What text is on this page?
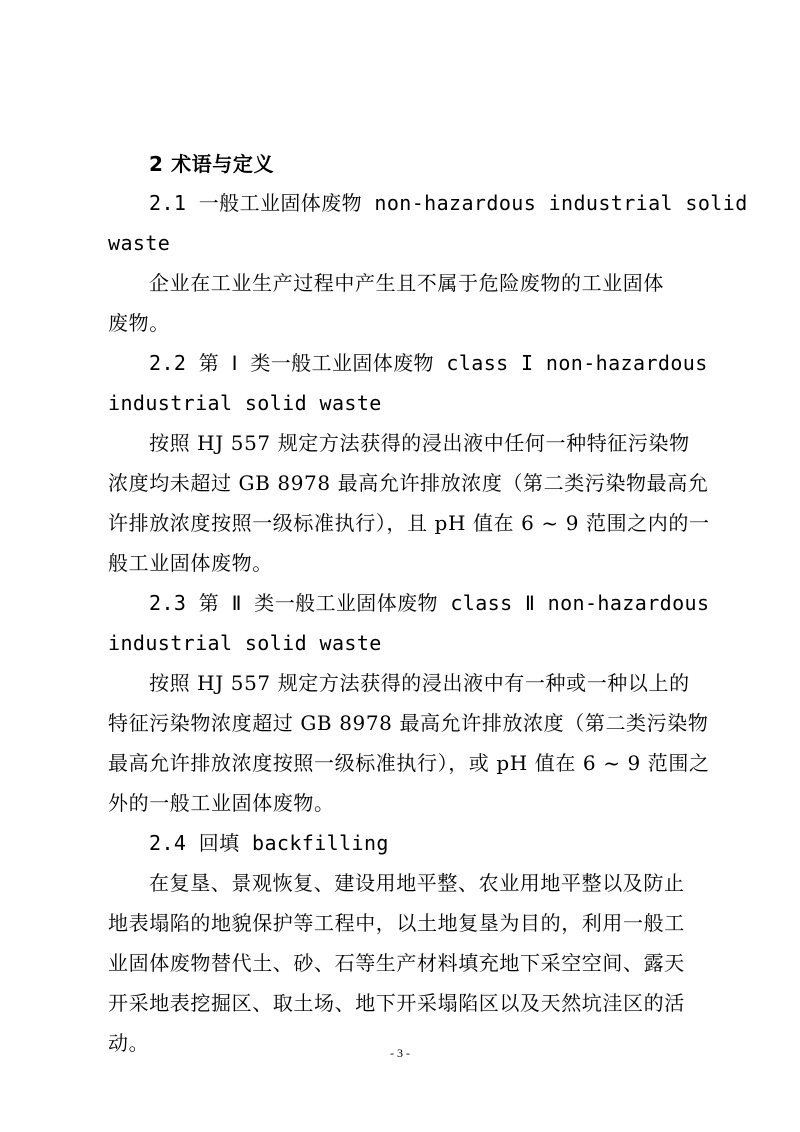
2 术语与定义
2.1 一般工业固体废物 non-hazardous industrial solid
waste
企业在工业生产过程中产生且不属于危险废物的工业固体
废物。
2.2 第 Ⅰ 类一般工业固体废物 class I non-hazardous
industrial solid waste
按照 HJ 557 规定方法获得的浸出液中任何一种特征污染物
浓度均未超过 GB 8978 最高允许排放浓度（第二类污染物最高允
许排放浓度按照一级标准执行），且 pH 值在 6 ~ 9 范围之内的一
般工业固体废物。
2.3 第 Ⅱ 类一般工业固体废物 class Ⅱ non-hazardous
industrial solid waste
按照 HJ 557 规定方法获得的浸出液中有一种或一种以上的
特征污染物浓度超过 GB 8978 最高允许排放浓度（第二类污染物
最高允许排放浓度按照一级标准执行），或 pH 值在 6 ~ 9 范围之
外的一般工业固体废物。
2.4 回填 backfilling
在复垦、景观恢复、建设用地平整、农业用地平整以及防止
地表塌陷的地貌保护等工程中，以土地复垦为目的，利用一般工
业固体废物替代土、砂、石等生产材料填充地下采空空间、露天
开采地表挖掘区、取土场、地下开采塌陷区以及天然坑洼区的活
动。	- 3 -
